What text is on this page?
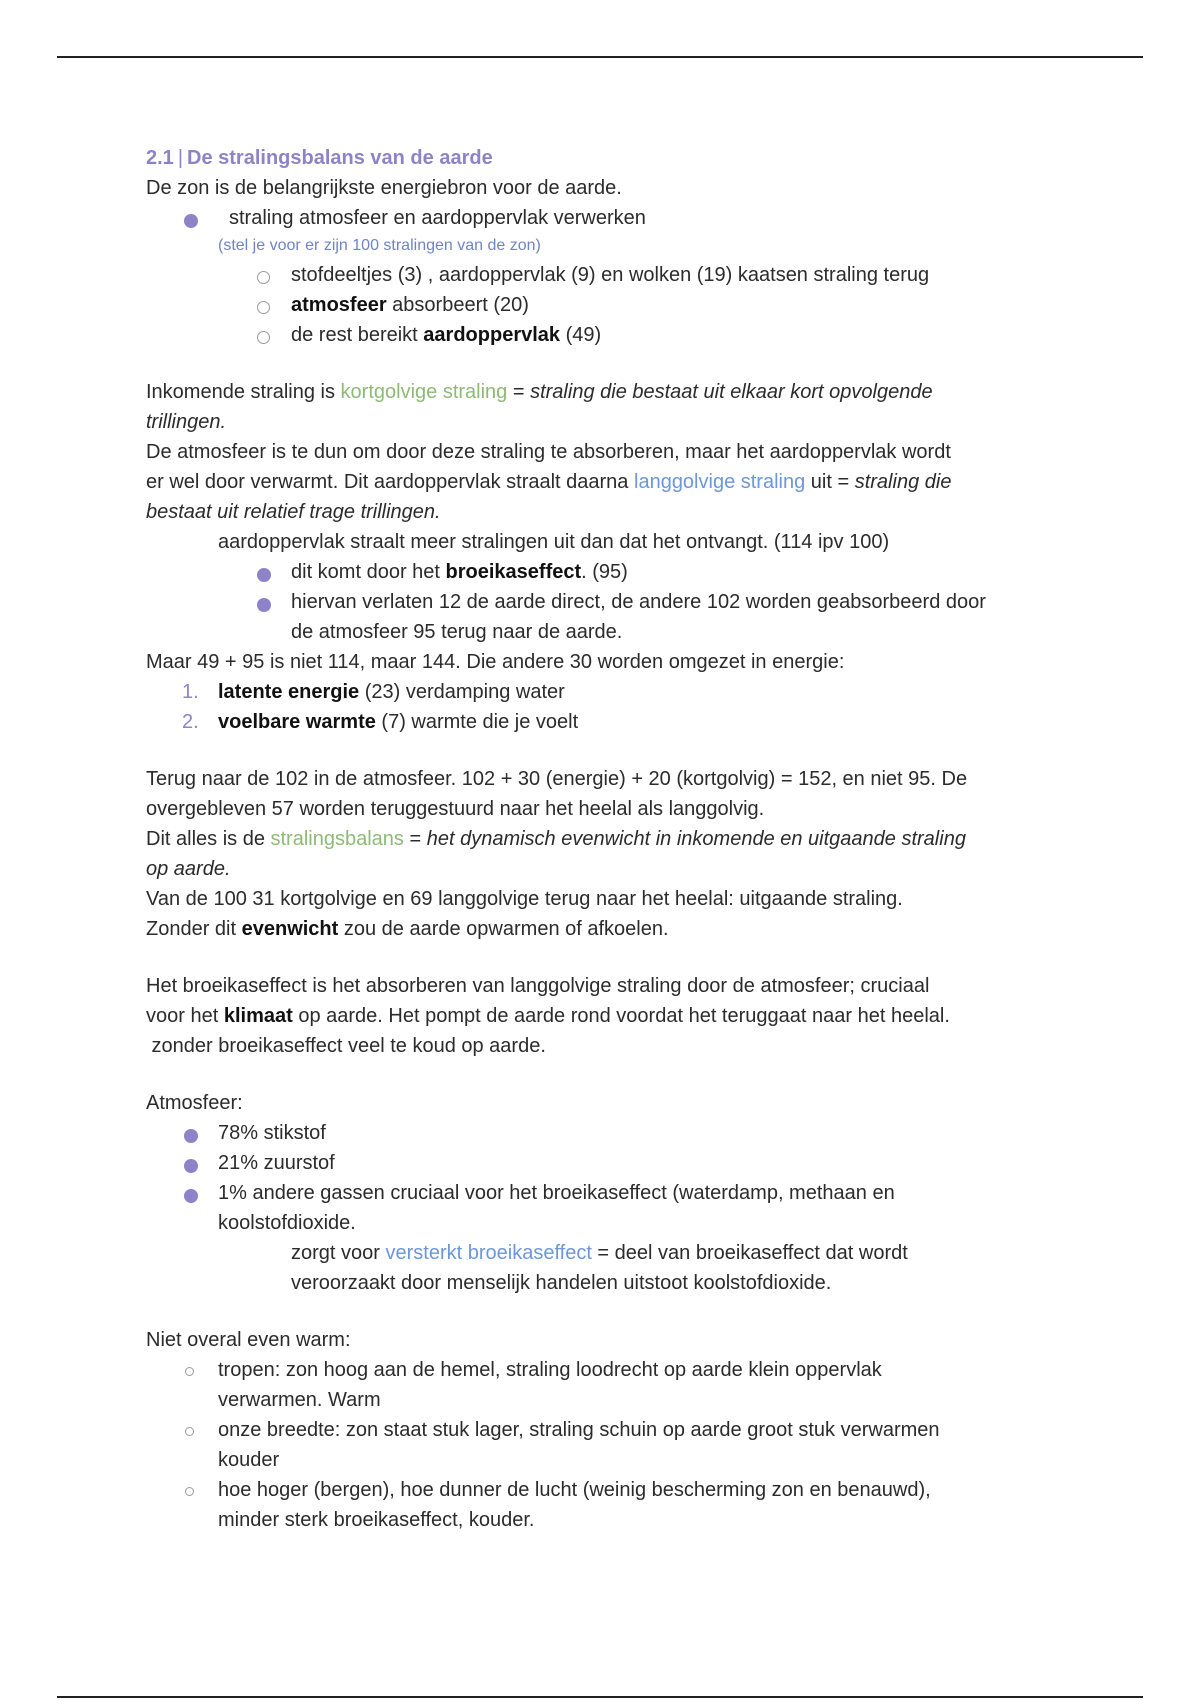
2.1 | De stralingsbalans van de aarde
De zon is de belangrijkste energiebron voor de aarde.
straling atmosfeer en aardoppervlak verwerken
(stel je voor er zijn 100 stralingen van de zon)
stofdeeltjes (3) , aardoppervlak (9) en wolken (19) kaatsen straling terug
atmosfeer absorbeert (20)
de rest bereikt aardoppervlak (49)
Inkomende straling is kortgolvige straling = straling die bestaat uit elkaar kort opvolgende
trillingen.
De atmosfeer is te dun om door deze straling te absorberen, maar het aardoppervlak wordt
er wel door verwarmt. Dit aardoppervlak straalt daarna langgolvige straling uit = straling die
bestaat uit relatief trage trillingen.
aardoppervlak straalt meer stralingen uit dan dat het ontvangt. (114 ipv 100)
dit komt door het broeikaseffect. (95)
hiervan verlaten 12 de aarde direct, de andere 102 worden geabsorbeerd door
de atmosfeer 95 terug naar de aarde.
Maar 49 + 95 is niet 114, maar 144. Die andere 30 worden omgezet in energie:
1. latente energie (23) verdamping water
2. voelbare warmte (7) warmte die je voelt
Terug naar de 102 in de atmosfeer. 102 + 30 (energie) + 20 (kortgolvig) = 152, en niet 95. De
overgebleven 57 worden teruggestuurd naar het heelal als langgolvig.
Dit alles is de stralingsbalans = het dynamisch evenwicht in inkomende en uitgaande straling
op aarde.
Van de 100 31 kortgolvige en 69 langgolvige terug naar het heelal: uitgaande straling.
Zonder dit evenwicht zou de aarde opwarmen of afkoelen.
Het broeikaseffect is het absorberen van langgolvige straling door de atmosfeer; cruciaal
voor het klimaat op aarde. Het pompt de aarde rond voordat het teruggaat naar het heelal.
zonder broeikaseffect veel te koud op aarde.
Atmosfeer:
78% stikstof
21% zuurstof
1% andere gassen cruciaal voor het broeikaseffect (waterdamp, methaan en
koolstofdioxide.
zorgt voor versterkt broeikaseffect = deel van broeikaseffect dat wordt
veroorzaakt door menselijk handelen uitstoot koolstofdioxide.
Niet overal even warm:
tropen: zon hoog aan de hemel, straling loodrecht op aarde klein oppervlak
verwarmen. Warm
onze breedte: zon staat stuk lager, straling schuin op aarde groot stuk verwarmen
kouder
hoe hoger (bergen), hoe dunner de lucht (weinig bescherming zon en benauwd),
minder sterk broeikaseffect, kouder.
